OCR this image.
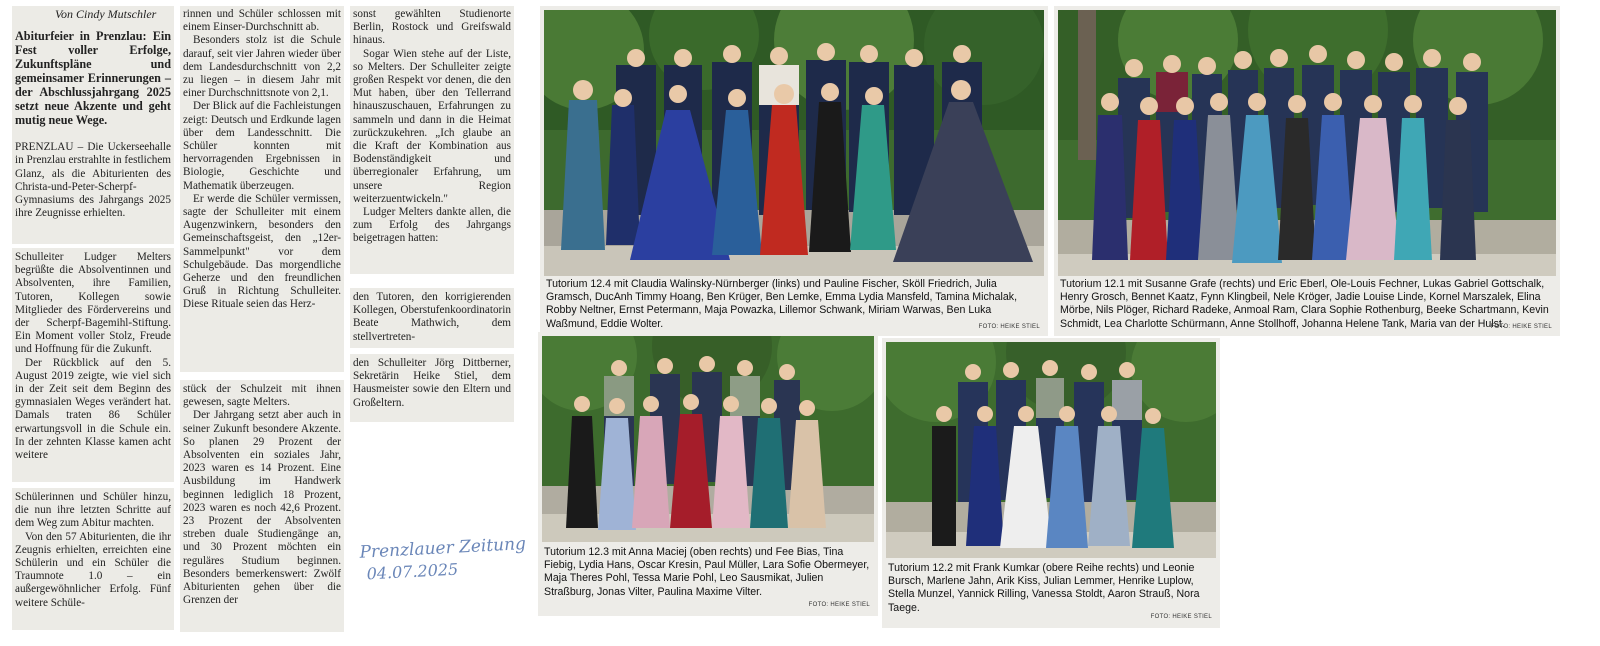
Von Cindy Mutschler

Abiturfeier in Prenzlau: Ein Fest voller Erfolge, Zukunftspläne und gemeinsamer Erinnerungen – der Abschlussjahrgang 2025 setzt neue Akzente und geht mutig neue Wege.

PRENZLAU – Die Uckerseehalle in Prenzlau erstrahlte in festlichem Glanz, als die Abiturienten des Christa-und-Peter-Scherpf-Gymnasiums des Jahrgangs 2025 ihre Zeugnisse erhielten.

Schulleiter Ludger Melters begrüßte die Absolventinnen und Absolventen, ihre Familien, Tutoren, Kollegen sowie Mitglieder des Fördervereins und der Scherpf-Bagemihl-Stiftung. Ein Moment voller Stolz, Freude und Hoffnung für die Zukunft.

Der Rückblick auf den 5. August 2019 zeigte, wie viel sich in der Zeit seit dem Beginn des gymnasialen Weges verändert hat. Damals traten 86 Schüler erwartungsvoll in die Schule ein. In der zehnten Klasse kamen acht weitere

Schülerinnen und Schüler hinzu, die nun ihre letzten Schritte auf dem Weg zum Abitur machten.

Von den 57 Abiturienten, die ihr Zeugnis erhielten, erreichten eine Schülerin und ein Schüler die Traumnote 1.0 – ein außergewöhnlicher Erfolg. Fünf weitere Schüle-

rinnen und Schüler schlossen mit einem Einser-Durchschnitt ab.

Besonders stolz ist die Schule darauf, seit vier Jahren wieder über dem Landesdurchschnitt von 2,2 zu liegen – in diesem Jahr mit einer Durchschnittsnote von 2,1.

Der Blick auf die Fachleistungen zeigt: Deutsch und Erdkunde lagen über dem Landesschnitt. Die Schüler konnten mit hervorragenden Ergebnissen in Biologie, Geschichte und Mathematik überzeugen.

Er werde die Schüler vermissen, sagte der Schulleiter mit einem Augenzwinkern, besonders den Gemeinschaftsgeist, den „12er-Sammelpunkt" vor dem Schulgebäude. Das morgendliche Geherze und den freundlichen Gruß in Richtung Schulleiter. Diese Rituale seien das Herz-

stück der Schulzeit mit ihnen gewesen, sagte Melters.

Der Jahrgang setzt aber auch in seiner Zukunft besondere Akzente. So planen 29 Prozent der Absolventen ein soziales Jahr, 2023 waren es 14 Prozent. Eine Ausbildung im Handwerk beginnen lediglich 18 Prozent, 2023 waren es noch 42,6 Prozent. 23 Prozent der Absolventen streben duale Studiengänge an, und 30 Prozent möchten ein reguläres Studium beginnen. Besonders bemerkenswert: Zwölf Abiturienten gehen über die Grenzen der

sonst gewählten Studienorte Berlin, Rostock und Greifswald hinaus.

Sogar Wien stehe auf der Liste, so Melters. Der Schulleiter zeigte großen Respekt vor denen, die den Mut haben, über den Tellerrand hinauszuschauen, Erfahrungen zu sammeln und dann in die Heimat zurückzukehren. „Ich glaube an die Kraft der Kombination aus Bodenständigkeit und überregionaler Erfahrung, um unsere Region weiterzuentwickeln."

Ludger Melters dankte allen, die zum Erfolg des Jahrgangs beigetragen hatten:

den Tutoren, den korrigierenden Kollegen, Oberstufenkoordinatorin Beate Mathwich, dem stellvertreten-

den Schulleiter Jörg Dittberner, Sekretärin Heike Stiel, dem Hausmeister sowie den Eltern und Großeltern.

Prenzlauer Zeitung
04.07.2025

Tutorium 12.4 mit Claudia Walinsky-Nürnberger (links) und Pauline Fischer, Sköll Friedrich, Julia Gramsch, DucAnh Timmy Hoang, Ben Krüger, Ben Lemke, Emma Lydia Mansfeld, Tamina Michalak, Robby Neltner, Ernst Petermann, Maja Powazka, Lillemor Schwank, Miriam Warwas, Ben Luka Waßmund, Eddie Wolter.	FOTO: HEIKE STIEL

Tutorium 12.1 mit Susanne Grafe (rechts) und Eric Eberl, Ole-Louis Fechner, Lukas Gabriel Gottschalk, Henry Grosch, Bennet Kaatz, Fynn Klingbeil, Nele Kröger, Jadie Louise Linde, Kornel Marszalek, Elina Mörbe, Nils Plöger, Richard Radeke, Anmoal Ram, Clara Sophie Rothenburg, Beeke Schartmann, Kevin Schmidt, Lea Charlotte Schürmann, Anne Stollhoff, Johanna Helene Tank, Maria van der Hulst.

FOTO: HEIKE STIEL

Tutorium 12.3 mit Anna Maciej (oben rechts) und Fee Bias, Tina Fiebig, Lydia Hans, Oscar Kresin, Paul Müller, Lara Sofie Obermeyer, Maja Theres Pohl, Tessa Marie Pohl, Leo Sausmikat, Julien Straßburg, Jonas Vilter, Paulina Maxime Vilter.

FOTO: HEIKE STIEL

Tutorium 12.2 mit Frank Kumkar (obere Reihe rechts) und Leonie Bursch, Marlene Jahn, Arik Kiss, Julian Lemmer, Henrike Luplow, Stella Munzel, Yannick Rilling, Vanessa Stoldt, Aaron Strauß, Nora Taege.

FOTO: HEIKE STIEL
